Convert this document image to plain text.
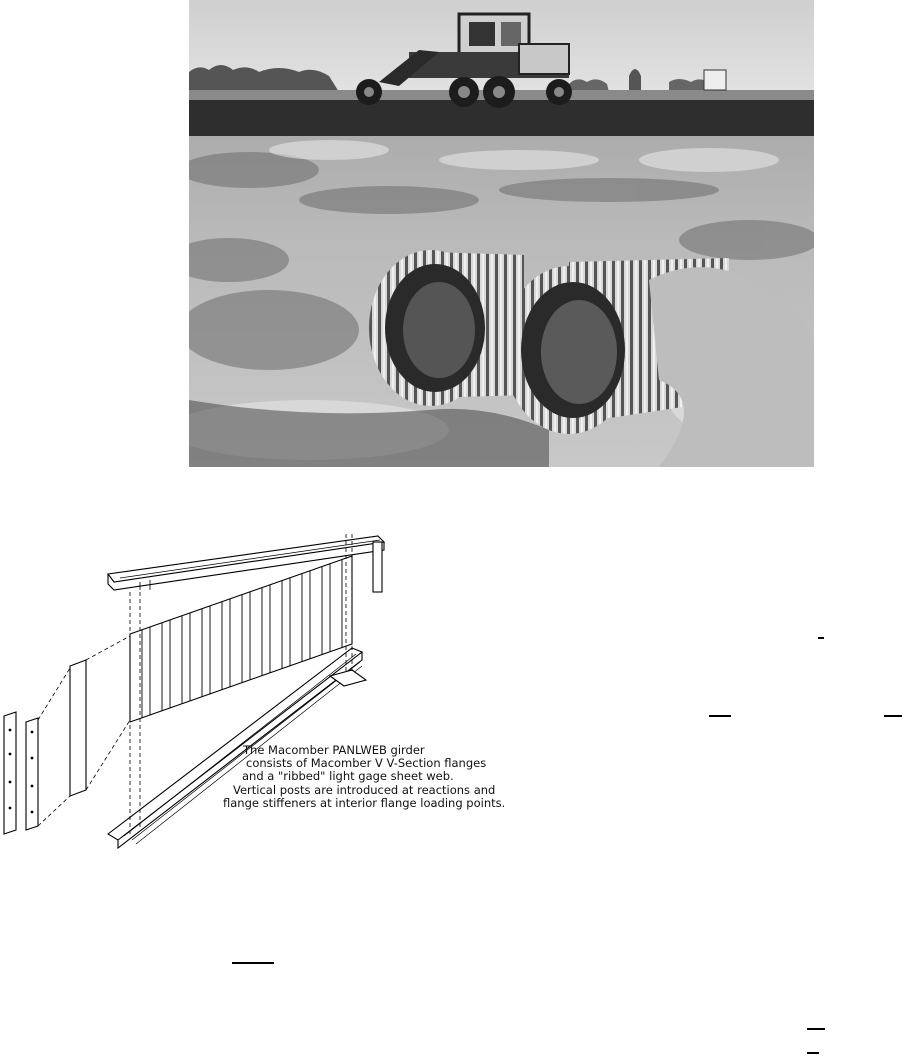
The Macomber PANLWEB girder
consists of Macomber V V-Section flanges
and a "ribbed" light gage sheet web.
Vertical posts are introduced at reactions and
flange stiffeners at interior flange loading points.
